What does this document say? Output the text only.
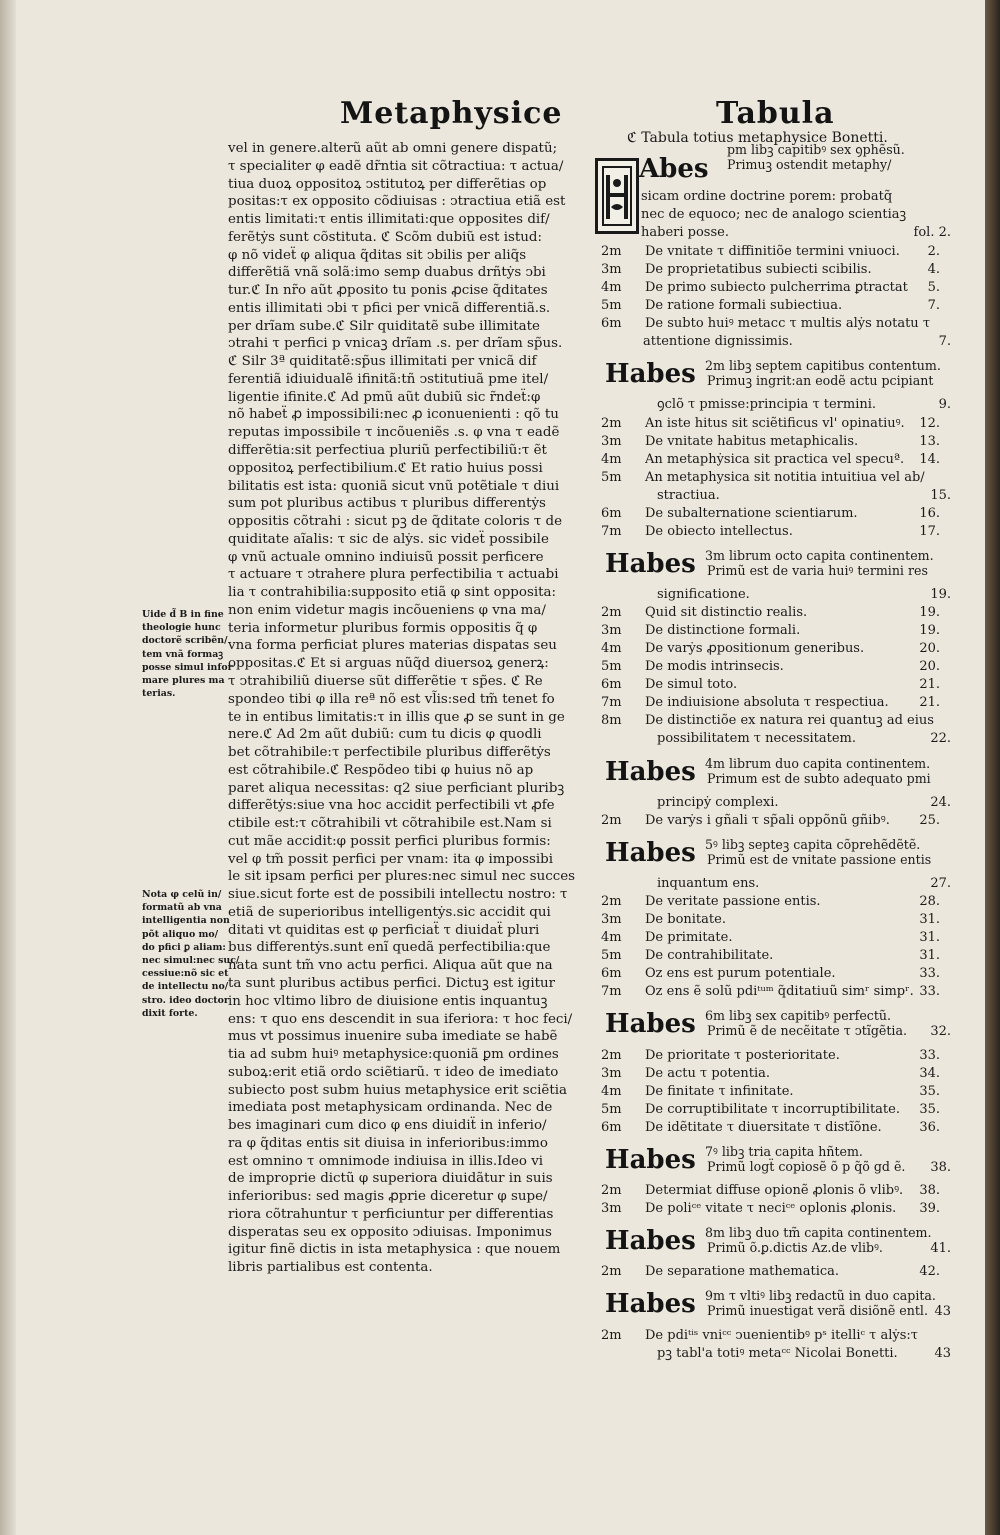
Metaphysice	Tabula
vel in genere.alterũ aũt ab omni genere dispatũ;
τ specialiter φ eadẽ dr̃ntia sit cõtractiua: τ actua/
tiua duoꝝ oppositoꝝ ↄstitutoꝝ per differẽtias op
positas:τ ex opposito cõdiuisas : ↄtractiua etiã est
entis limitati:τ entis illimitati:que opposites dif/
ferẽtẏs sunt cõstituta. ℭ Scõm dubiũ est istud:
φ nõ videẗ φ aliqua q̃ditas sit ↄbilis per aliq̃s
differẽtiã vnã solã:imo semp duabus drñtẏs ↄbi
tur.ℭ In nr̃o aũt ꝓposito tu ponis ꝓcise q̃ditates
entis illimitati ↄbi τ pfici per vnicã differentiã.s.
per drĩam sube.ℭ Silr quiditatẽ sube illimitate
ↄtrahi τ perfici p vnicaꝫ drĩam .s. per drĩam sp̃us.
ℭ Silr 3ª quiditatẽ:sp̃us illimitati per vnicã dif
ferentiã idiuidualẽ ifinitã:tñ ↄstitutiuã pme itel/
ligentie ifinite.ℭ Ad pmũ aũt dubiũ sic r̃ndeẗ:φ
nõ habeẗ ꝓ impossibili:nec ꝓ iconuenienti : qõ tu
reputas impossibile τ incõueniẽs .s. φ vna τ eadẽ
differẽtia:sit perfectiua pluriũ perfectibiliũ:τ ẽt
oppositoꝝ perfectibilium.ℭ Et ratio huius possi
bilitatis est ista: quoniã sicut vnũ potẽtiale τ diui
sum pot pluribus actibus τ pluribus differentẏs
oppositis cõtrahi : sicut pꝫ de q̃ditate coloris τ de
quiditate aĩalis: τ sic de alẏs. sic videẗ possibile
φ vnũ actuale omnino indiuisũ possit perficere
τ actuare τ ↄtrahere plura perfectibilia τ actuabi
lia τ contrahibilia:supposito etiã φ sint opposita:
non enim videtur magis incõueniens φ vna ma/
teria informetur pluribus formis oppositis q̃ φ
vna forma perficiat plures materias dispatas seu
oppositas.ℭ Et si arguas nũq̃d diuersoꝝ generꝝ:
τ ↄtrahibiliũ diuerse sũt differẽtie τ sp̃es. ℭ Re
spondeo tibi φ illa reª nõ est vl̃is:sed tm̃ tenet fo
te in entibus limitatis:τ in illis que ꝓ se sunt in ge
nere.ℭ Ad 2m aũt dubiũ: cum tu dicis φ quodli
bet cõtrahibile:τ perfectibile pluribus differẽtẏs
est cõtrahibile.ℭ Respõdeo tibi φ huius nõ ap
paret aliqua necessitas: q2 siue perficiant pluribꝫ
differẽtẏs:siue vna hoc accidit perfectibili vt ꝓfe
ctibile est:τ cõtrahibili vt cõtrahibile est.Nam si
cut mãe accidit:φ possit perfici pluribus formis:
vel φ tm̃ possit perfici per vnam: ita φ impossibi
le sit ipsam perfici per plures:nec simul nec succes
siue.sicut forte est de possibili intellectu nostro: τ
etiã de superioribus intelligentẏs.sic accidit qui
ditati vt quiditas est φ perficiaẗ τ diuidaẗ pluri
bus differentẏs.sunt enĩ quedã perfectibilia:que
nata sunt tm̃ vno actu perfici. Aliqua aũt que na
ta sunt pluribus actibus perfici. Dictuꝫ est igitur
in hoc vltimo libro de diuisione entis inquantuꝫ
ens: τ quo ens descendit in sua iferiora: τ hoc feci/
mus vt possimus inuenire suba imediate se habẽ
tia ad subm huiꝰ metaphysice:quoniã ꝑm ordines
suboꝝ:erit etiã ordo sciẽtiarũ. τ ideo de imediato
subiecto post subm huius metaphysice erit sciẽtia
imediata post metaphysicam ordinanda. Nec de
bes imaginari cum dico φ ens diuidiẗ in inferio/
ra φ q̃ditas entis sit diuisa in inferioribus:immo
est omnino τ omnimode indiuisa in illis.Ideo vi
de improprie dictũ φ superiora diuidãtur in suis
inferioribus: sed magis ꝓprie diceretur φ supe/
riora cõtrahuntur τ perficiuntur per differentias
disperatas seu ex opposito ↄdiuisas. Imponimus
igitur finẽ dictis in ista metaphysica : que nouem
libris partialibus est contenta.
Uide d̃ B in fine
theologie hunc
doctorẽ scribẽn/
tem vnã formaꝫ
posse simul infor
mare plures ma
terias.
Nota φ celũ in/
formatũ ab vna
intelligentia non
põt aliquo mo/
do pfici ꝑ aliam:
nec simul:nec suc/
cessiue:nõ sic et
de intellectu no/
stro. ideo doctor
dixit forte.
ℭ Tabula totius metaphysice Bonetti.
Abes
pm libꝫ capitibꝰ sex ꝯphẽsũ.
Primuꝫ ostendit metaphy/
sicam ordine doctrine porem: probatq̃
nec de equoco; nec de analogo scientiaꝫ
haberi posse.	fol. 2.
2m	De vnitate τ diffinitiõe termini vniuoci. 2.
3m	De proprietatibus subiecti scibilis.	4.
4m	De primo subiecto pulcherrima ꝑtractat 5.
5m	De ratione formali subiectiua.	7.
6m	De subto huiꝰ metacc τ multis alẏs notatu τ
attentione dignissimis.	7.
Habes 2m libꝫ septem capitibus contentum.
Primuꝫ ingrit:an eodẽ actu pcipiant
ꝯclõ τ pmisse:principia τ termini.	9.
2m	An iste hitus sit sciẽtificus vl' opinatiuꝰ. 12.
3m	De vnitate habitus metaphicalis.	13.
4m	An metaphẏsica sit practica vel specuª. 14.
5m	An metaphysica sit notitia intuitiua vel ab/
stractiua.	15.
6m	De subalternatione scientiarum.	16.
7m	De obiecto intellectus.	17.
Habes 3m librum octo capita continentem.
Primũ est de varia huiꝰ termini res
significatione.	19.
2m	Quid sit distinctio realis.	19.
3m	De distinctione formali.	19.
4m	De varẏs ꝓpositionum generibus.	20.
5m	De modis intrinsecis.	20.
6m	De simul toto.	21.
7m	De indiuisione absoluta τ respectiua.	21.
8m	De distinctiõe ex natura rei quantuꝫ ad eius
possibilitatem τ necessitatem.	22.
Habes 4m librum duo capita continentem.
Primum est de subto adequato pmi
principẏ complexi.	24.
2m	De varẏs i gñali τ sp̃ali oppõnũ gñibꝰ.	25.
Habes 5ꝰ libꝫ septeꝫ capita cõprehẽdẽtẽ.
Primũ est de vnitate passione entis
inquantum ens.	27.
2m	De veritate passione entis.	28.
3m	De bonitate.	31.
4m	De primitate.	31.
5m	De contrahibilitate.	31.
6m	Oz ens est purum potentiale.	33.
7m	Oz ens ẽ solũ pdiᵗᵘᵐ q̃ditatiuũ simʳ simpʳ. 33.
Habes 6m libꝫ sex capitibꝰ perfectũ.
Primũ ẽ de necẽitate τ ↄtĩgẽtia. 32.
2m	De prioritate τ posterioritate.	33.
3m	De actu τ potentia.	34.
4m	De finitate τ infinitate.	35.
5m	De corruptibilitate τ incorruptibilitate. 35.
6m	De idẽtitate τ diuersitate τ distĩõne.	36.
Habes 7ꝰ libꝫ tria capita hñtem.
Primũ logẗ copiosẽ õ p q̃õ gd ẽ. 38.
2m	Determiat diffuse opionẽ ꝓlonis õ vlibꝰ. 38.
3m	De poliᶜᵉ vitate τ neciᶜᵉ oplonis ꝓlonis. 39.
Habes 8m libꝫ duo tm̃ capita continentem.
Primũ õ.ꝑ.dictis Az.de vlibꝰ.	41.
2m	De separatione mathematica.	42.
Habes 9m τ vltiꝰ libꝫ redactũ in duo capita.
Primũ inuestigat verã disiõnẽ entl. 43
2m	De pdiᵗⁱˢ vniᶜᶜ ↄuenientibꝰ pˢ itelliᶜ τ alẏs:τ
pꝫ tabl'a totiꝰ metaᶜᶜ Nicolai Bonetti.	43
